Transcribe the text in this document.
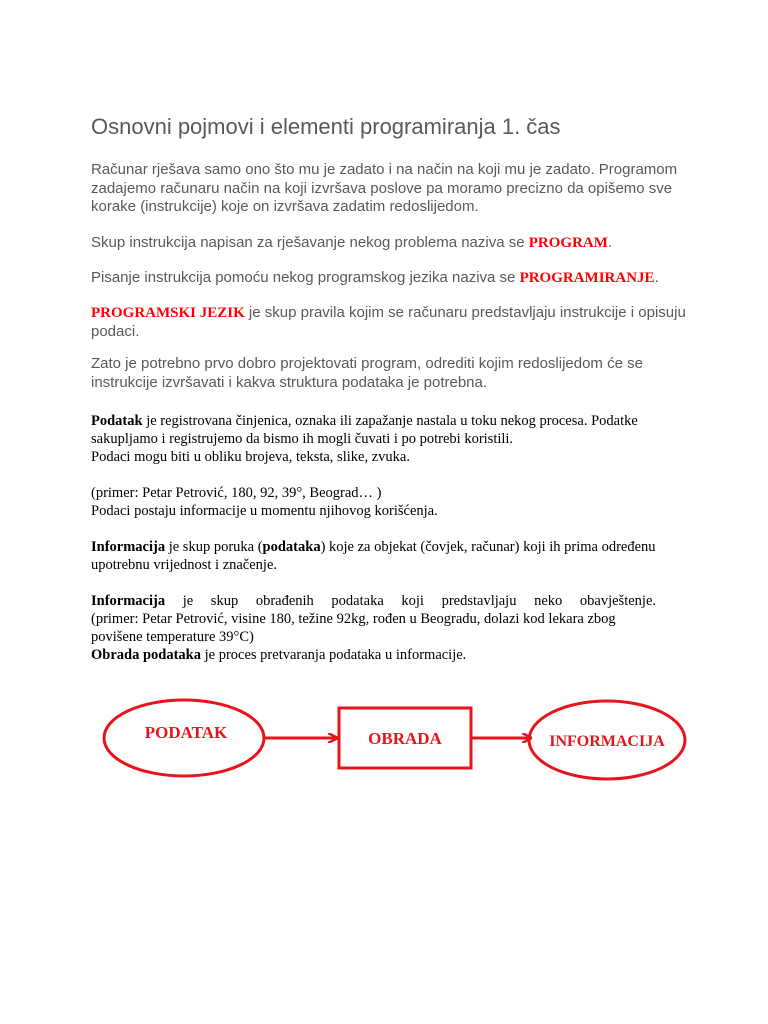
Osnovni pojmovi i elementi programiranja 1. čas

Računar rješava samo ono što mu je zadato i na način na koji mu je zadato. Programom
zadajemo računaru način na koji izvršava poslove pa moramo precizno da opišemo sve
korake (instrukcije) koje on izvršava zadatim redoslijedom.

Skup instrukcija napisan za rješavanje nekog problema naziva se PROGRAM.

Pisanje instrukcija pomoću nekog programskog jezika naziva se PROGRAMIRANJE.

PROGRAMSKI JEZIK je skup pravila kojim se računaru predstavljaju instrukcije i opisuju
podaci.

Zato je potrebno prvo dobro projektovati program, odrediti kojim redoslijedom će se
instrukcije izvršavati i kakva struktura podataka je potrebna.

Podatak je registrovana činjenica, oznaka ili zapažanje nastala u toku nekog procesa. Podatke
sakupljamo i registrujemo da bismo ih mogli čuvati i po potrebi koristili.
Podaci mogu biti u obliku brojeva, teksta, slike, zvuka.

(primer: Petar Petrović, 180, 92, 39°, Beograd… )
Podaci postaju informacije u momentu njihovog korišćenja.

Informacija je skup poruka (podataka) koje za objekat (čovjek, računar) koji ih prima određenu
upotrebnu vrijednost i značenje.

Informacija je skup obrađenih podataka koji predstavljaju neko obavještenje.
(primer: Petar Petrović, visine 180, težine 92kg, rođen u Beogradu, dolazi kod lekara zbog
povišene temperature 39°C)
Obrada podataka je proces pretvaranja podataka u informacije.

PODATAK	OBRADA	INFORMACIJA
